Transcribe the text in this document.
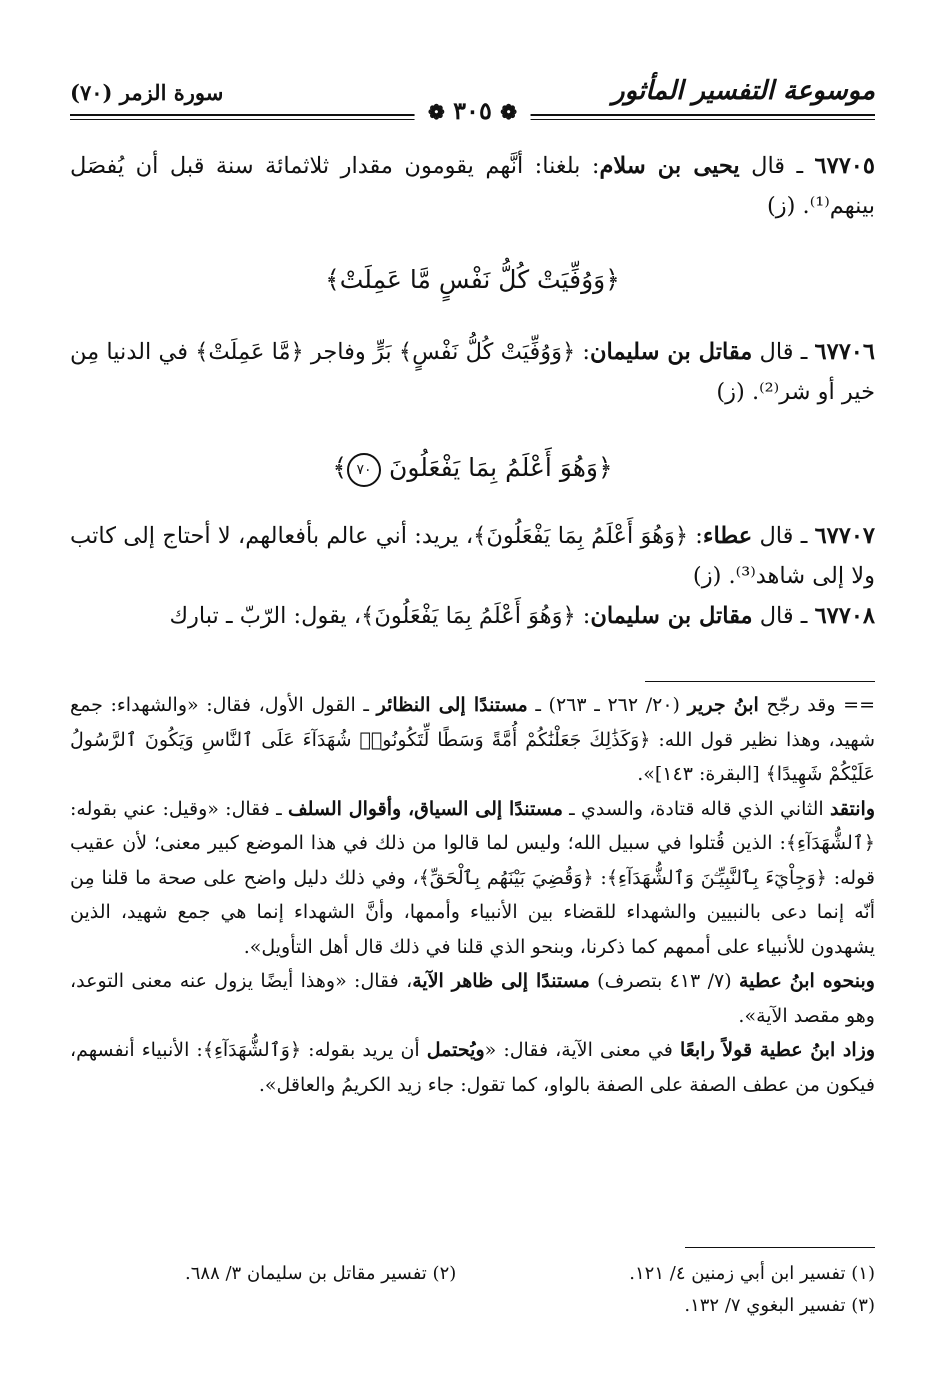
موسوعة التفسير المأثور
سورة الزمر (٧٠)
❁ ٣٠٥ ❁

٦٧٧٠٥ ـ قال يحيى بن سلام: بلغنا: أنَّهم يقومون مقدار ثلاثمائة سنة قبل أن يُفصَل بينهم⁽¹⁾. (ز)

﴿وَوُفِّيَتْ كُلُّ نَفْسٍ مَّا عَمِلَتْ﴾

٦٧٧٠٦ ـ قال مقاتل بن سليمان: ﴿وَوُفِّيَتْ كُلُّ نَفْسٍ﴾ بَرٍّ وفاجر ﴿مَّا عَمِلَتْ﴾ في الدنيا مِن خير أو شر⁽²⁾. (ز)

﴿وَهُوَ أَعْلَمُ بِمَا يَفْعَلُونَ ٧٠﴾

٦٧٧٠٧ ـ قال عطاء: ﴿وَهُوَ أَعْلَمُ بِمَا يَفْعَلُونَ﴾، يريد: أني عالم بأفعالهم، لا أحتاج إلى كاتب ولا إلى شاهد⁽³⁾. (ز)

٦٧٧٠٨ ـ قال مقاتل بن سليمان: ﴿وَهُوَ أَعْلَمُ بِمَا يَفْعَلُونَ﴾، يقول: الرّبّ ـ تبارك

== وقد رجّح ابنُ جرير (٢٠/ ٢٦٢ ـ ٢٦٣) ـ مستندًا إلى النظائر ـ القول الأول، فقال: «والشهداء: جمع شهيد، وهذا نظير قول الله: ﴿وَكَذَٰلِكَ جَعَلْنَٰكُمْ أُمَّةً وَسَطًا لِّتَكُونُوا۟ شُهَدَآءَ عَلَى ٱلنَّاسِ وَيَكُونَ ٱلرَّسُولُ عَلَيْكُمْ شَهِيدًا﴾ [البقرة: ١٤٣]».

وانتقد الثاني الذي قاله قتادة، والسدي ـ مستندًا إلى السياق، وأقوال السلف ـ فقال: «وقيل: عني بقوله: ﴿ٱلشُّهَدَآءِ﴾: الذين قُتلوا في سبيل الله؛ وليس لما قالوا من ذلك في هذا الموضع كبير معنى؛ لأن عقيب قوله: ﴿وَجِاْيٓءَ بِٱلنَّبِيِّـۧنَ وَٱلشُّهَدَآءِ﴾: ﴿وَقُضِيَ بَيْنَهُم بِٱلْحَقِّ﴾، وفي ذلك دليل واضح على صحة ما قلنا مِن أنّه إنما دعى بالنبيين والشهداء للقضاء بين الأنبياء وأممها، وأنَّ الشهداء إنما هي جمع شهيد، الذين يشهدون للأنبياء على أممهم كما ذكرنا، وبنحو الذي قلنا في ذلك قال أهل التأويل».

وبنحوه ابنُ عطية (٧/ ٤١٣ بتصرف) مستندًا إلى ظاهر الآية، فقال: «وهذا أيضًا يزول عنه معنى التوعد، وهو مقصد الآية».

وزاد ابنُ عطية قولاً رابعًا في معنى الآية، فقال: «ويُحتمل أن يريد بقوله: ﴿وَٱلشُّهَدَآءِ﴾: الأنبياء أنفسهم، فيكون من عطف الصفة على الصفة بالواو، كما تقول: جاء زيد الكريمُ والعاقل».

(١) تفسير ابن أبي زمنين ٤/ ١٢١.
(٢) تفسير مقاتل بن سليمان ٣/ ٦٨٨.
(٣) تفسير البغوي ٧/ ١٣٢.
